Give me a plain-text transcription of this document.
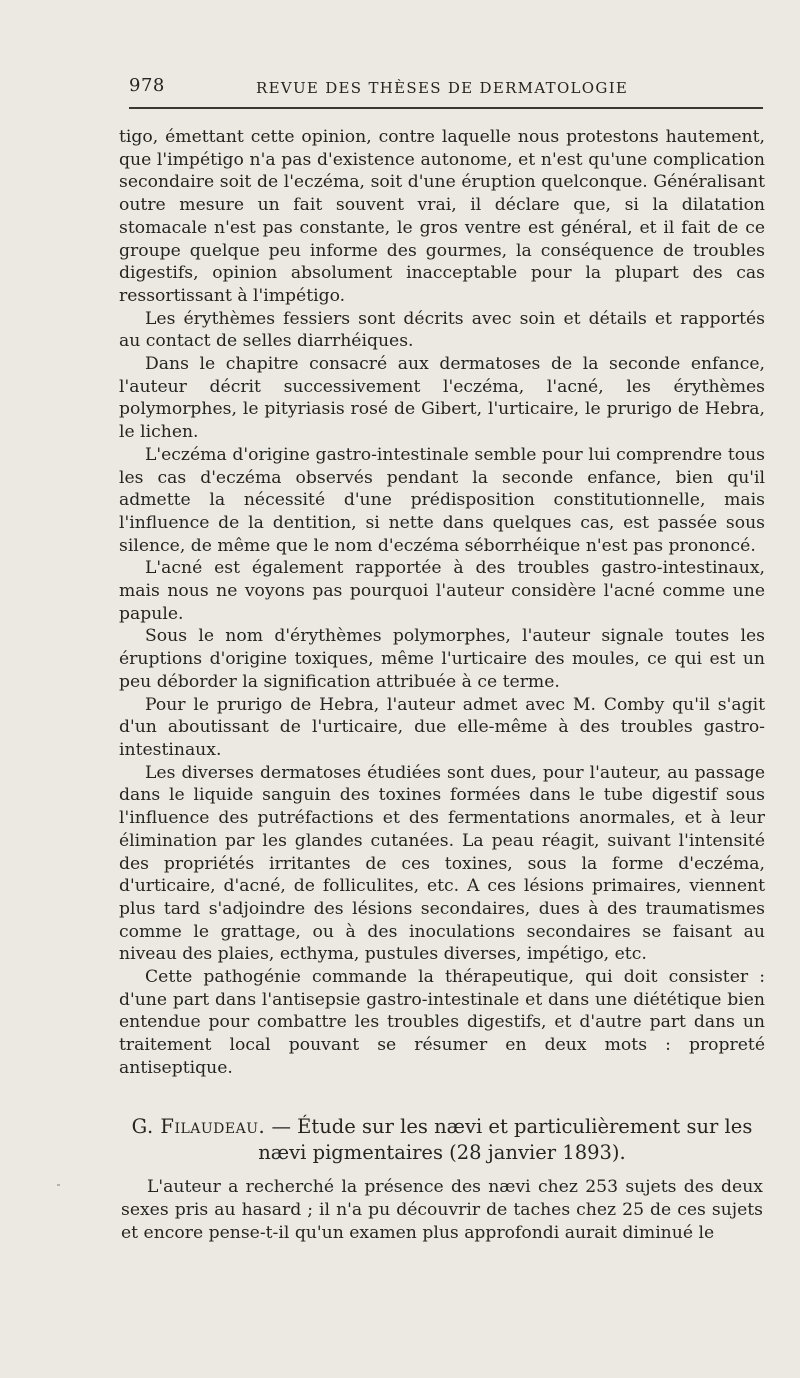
978	REVUE DES THÈSES DE DERMATOLOGIE

tigo, émettant cette opinion, contre laquelle nous protestons hautement, que l'impétigo n'a pas d'existence autonome, et n'est qu'une complication secondaire soit de l'eczéma, soit d'une éruption quelconque. Généralisant outre mesure un fait souvent vrai, il déclare que, si la dilatation stomacale n'est pas constante, le gros ventre est général, et il fait de ce groupe quelque peu informe des gourmes, la conséquence de troubles digestifs, opinion absolument inacceptable pour la plupart des cas ressortissant à l'impétigo.

Les érythèmes fessiers sont décrits avec soin et détails et rapportés au contact de selles diarrhéiques.

Dans le chapitre consacré aux dermatoses de la seconde enfance, l'auteur décrit successivement l'eczéma, l'acné, les érythèmes polymorphes, le pityriasis rosé de Gibert, l'urticaire, le prurigo de Hebra, le lichen.

L'eczéma d'origine gastro-intestinale semble pour lui comprendre tous les cas d'eczéma observés pendant la seconde enfance, bien qu'il admette la nécessité d'une prédisposition constitutionnelle, mais l'influence de la dentition, si nette dans quelques cas, est passée sous silence, de même que le nom d'eczéma séborrhéique n'est pas prononcé.

L'acné est également rapportée à des troubles gastro-intestinaux, mais nous ne voyons pas pourquoi l'auteur considère l'acné comme une papule.

Sous le nom d'érythèmes polymorphes, l'auteur signale toutes les éruptions d'origine toxiques, même l'urticaire des moules, ce qui est un peu déborder la signification attribuée à ce terme.

Pour le prurigo de Hebra, l'auteur admet avec M. Comby qu'il s'agit d'un aboutissant de l'urticaire, due elle-même à des troubles gastro-intestinaux.

Les diverses dermatoses étudiées sont dues, pour l'auteur, au passage dans le liquide sanguin des toxines formées dans le tube digestif sous l'influence des putréfactions et des fermentations anormales, et à leur élimination par les glandes cutanées. La peau réagit, suivant l'intensité des propriétés irritantes de ces toxines, sous la forme d'eczéma, d'urticaire, d'acné, de folliculites, etc. A ces lésions primaires, viennent plus tard s'adjoindre des lésions secondaires, dues à des traumatismes comme le grattage, ou à des inoculations secondaires se faisant au niveau des plaies, ecthyma, pustules diverses, impétigo, etc.

Cette pathogénie commande la thérapeutique, qui doit consister : d'une part dans l'antisepsie gastro-intestinale et dans une diététique bien entendue pour combattre les troubles digestifs, et d'autre part dans un traitement local pouvant se résumer en deux mots : propreté antiseptique.

G. Filaudeau. — Étude sur les nævi et particulièrement sur les nævi pigmentaires (28 janvier 1893).

L'auteur a recherché la présence des nævi chez 253 sujets des deux sexes pris au hasard ; il n'a pu découvrir de taches chez 25 de ces sujets et encore pense-t-il qu'un examen plus approfondi aurait diminué le
